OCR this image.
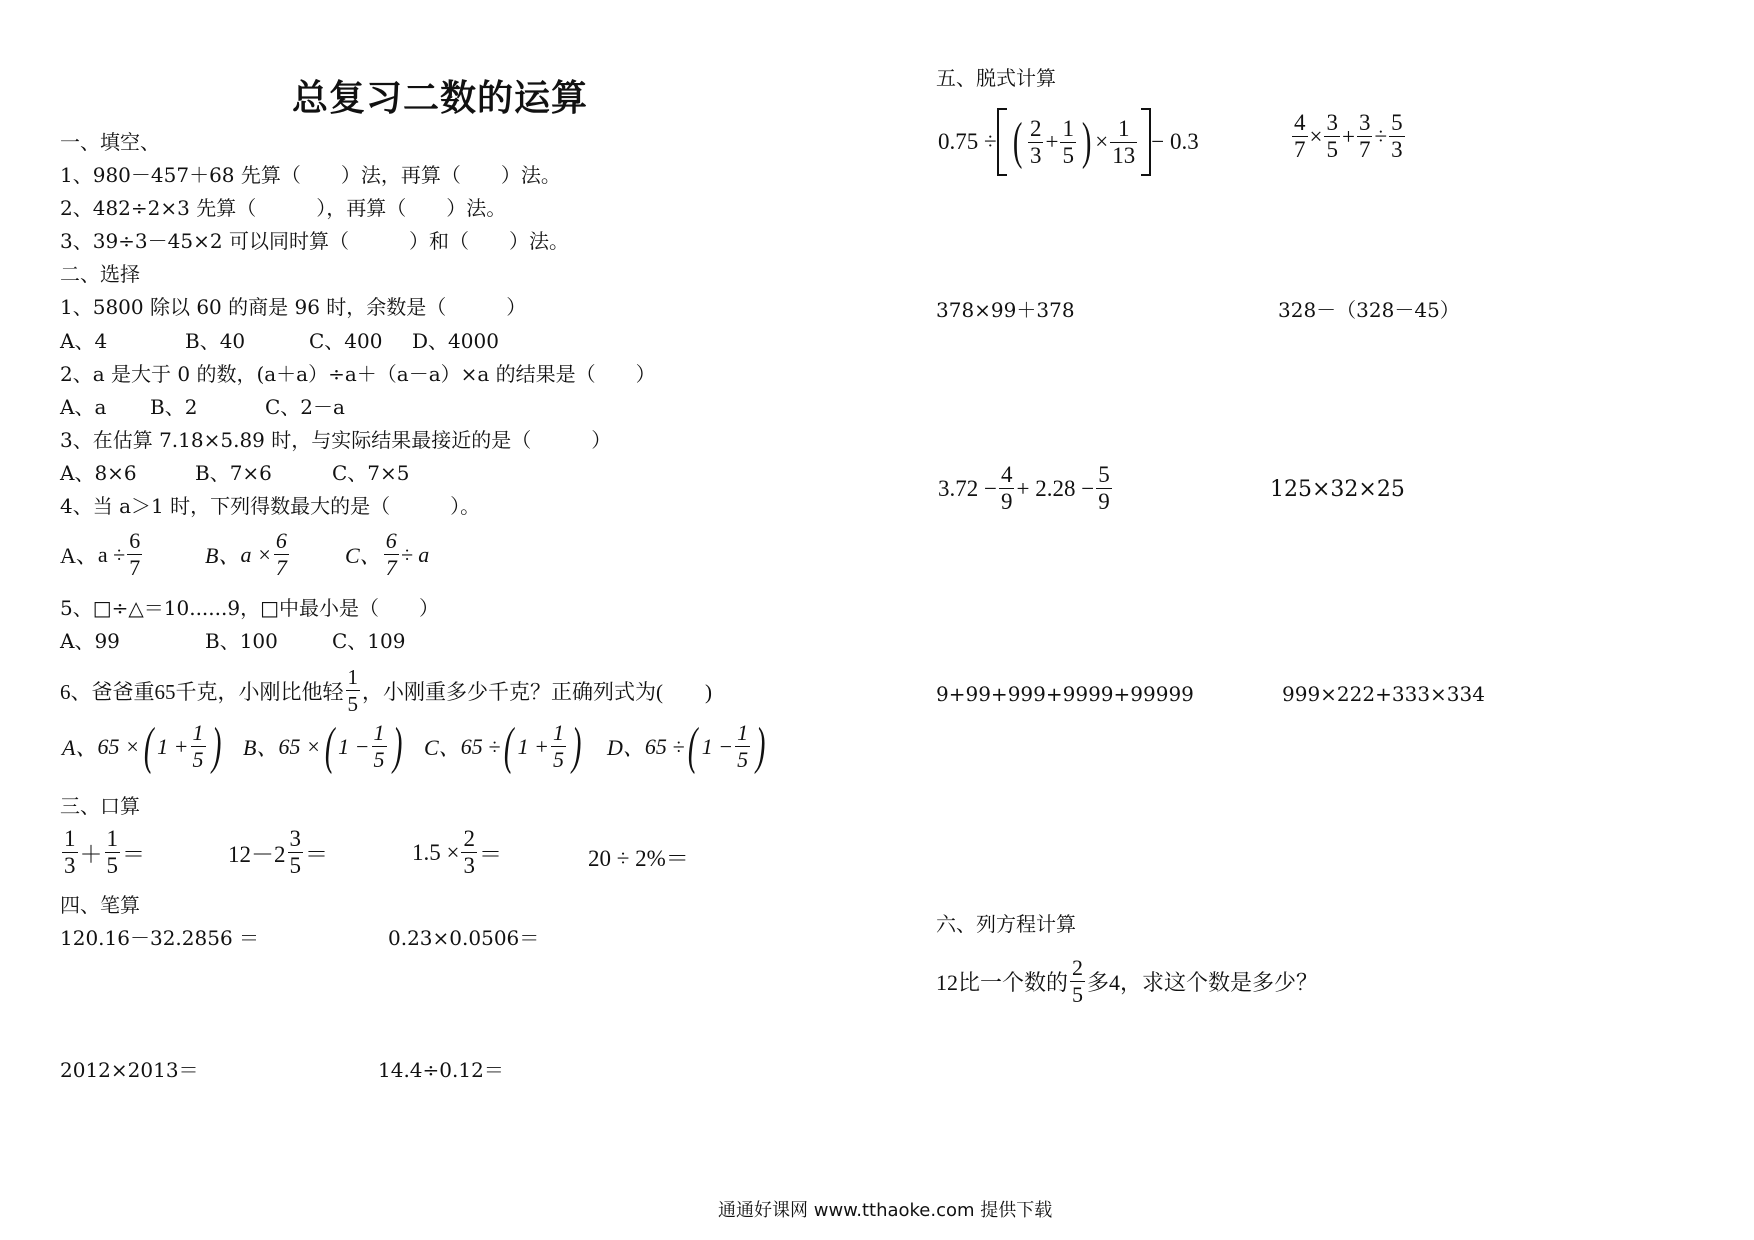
总复习二数的运算
一、填空、
1、980－457＋68 先算（　　）法，再算（　　）法。
2、482÷2×3 先算（　　　），再算（　　）法。
3、39÷3－45×2 可以同时算（　　　）和（　　）法。
二、选择
1、5800 除以 60 的商是 96 时，余数是（　　　）
A、4	B、40	C、400 D、4000
2、a 是大于 0 的数，(a＋a）÷a＋（a－a）×a 的结果是（　　）
A、a B、2	C、2－a
3、在估算 7.18×5.89 时，与实际结果最接近的是（　　　）
A、8×6	B、7×6	C、7×5
4、当 a＞1 时，下列得数最大的是（　　　）。
A、 $a \div \frac{6}{7}$	B、 $a \times \frac{6}{7}$	C、 $\frac{6}{7} \div a$
5、□÷△＝10......9，□中最小是（　　）
A、99	B、100	C、109
6、爸爸重65千克，小刚比他轻 $\frac{1}{5}$ ，小刚重多少千克？正确列式为(　　)
A、 65 × ( $1 + \frac{1}{5}$ ) B、 65 × ( $1 - \frac{1}{5}$ ) C、 65 ÷ ( $1 + \frac{1}{5}$ ) D、 65 ÷ ( $1 - \frac{1}{5}$ )
三、口算
$\frac{1}{3} + \frac{1}{5}$ ＝	$12-2 \frac{3}{5}$ ＝	$1.5 \times \frac{2}{3}$ ＝	20 ÷ 2%＝
四、笔算
120.16－32.2856 ＝	0.23×0.0506＝
2012×2013＝	14.4÷0.12＝
五、脱式计算
0.75 ÷ ( $\frac{2}{3} + \frac{1}{5}$ ) × $\frac{1}{13} - 0.3$	$\frac{4}{7} \times \frac{3}{5} + \frac{3}{7} \div \frac{5}{3}$
378×99＋378	328－（328－45）
$3.72 - \frac{4}{9} + 2.28 - \frac{5}{9}$	125×32×25
9+99+999+9999+99999	999×222+333×334
六、列方程计算
12比一个数的 $\frac{2}{5}$ 多4，求这个数是多少？
通通好课网 www.tthaoke.com 提供下载
